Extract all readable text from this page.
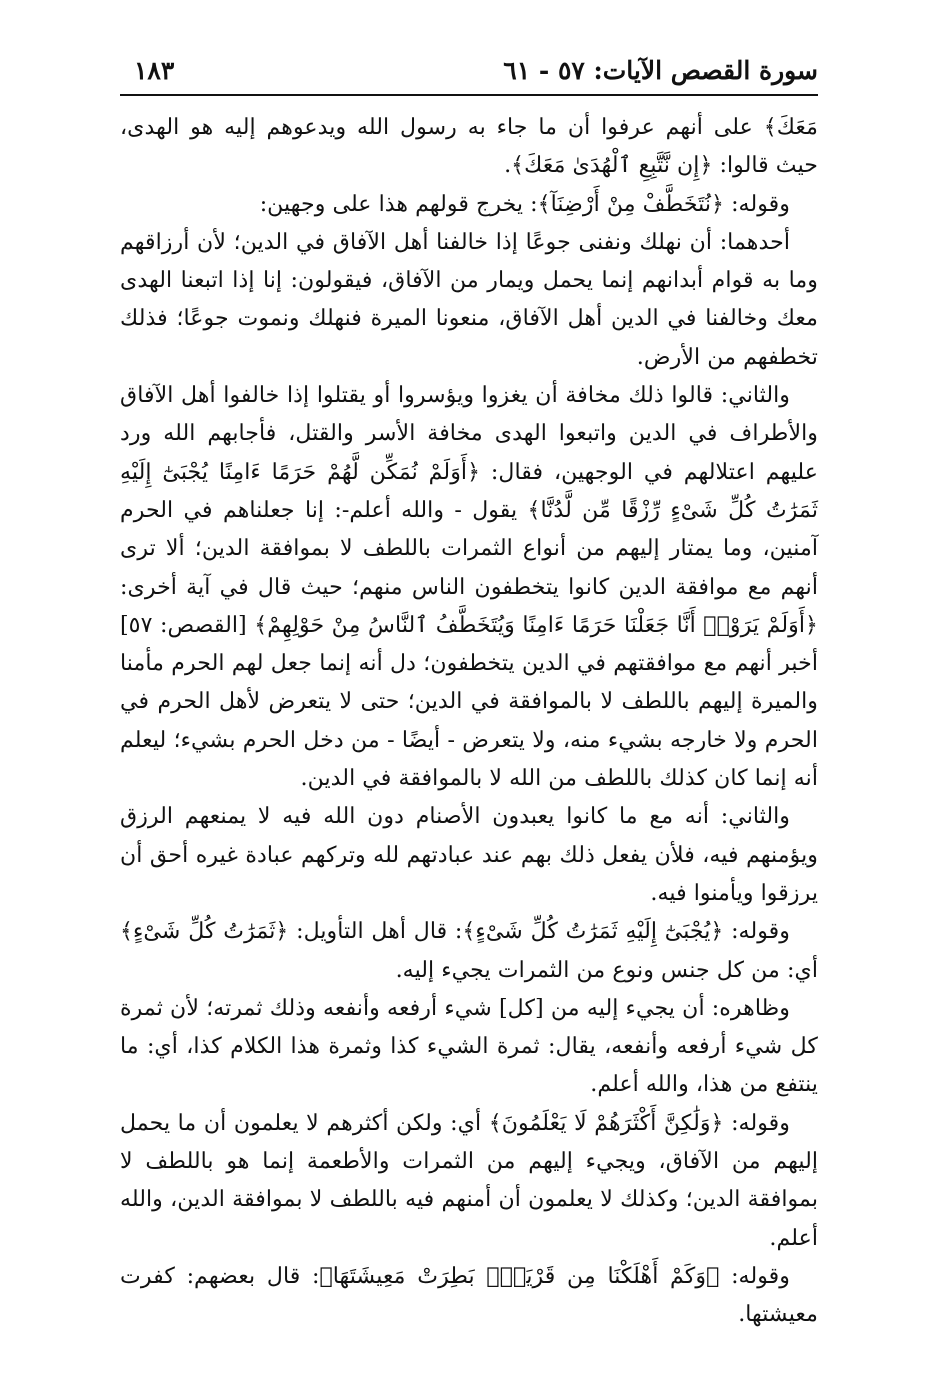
سورة القصص الآيات: ٥٧ - ٦١
١٨٣

مَعَكَ﴾ على أنهم عرفوا أن ما جاء به رسول الله ويدعوهم إليه هو الهدى، حيث قالوا: ﴿إِن نَّتَّبِعِ ٱلْهُدَىٰ مَعَكَ﴾.

وقوله: ﴿نُتَخَطَّفْ مِنْ أَرْضِنَآ﴾: يخرج قولهم هذا على وجهين:

أحدهما: أن نهلك ونفنى جوعًا إذا خالفنا أهل الآفاق في الدين؛ لأن أرزاقهم وما به قوام أبدانهم إنما يحمل ويمار من الآفاق، فيقولون: إنا إذا اتبعنا الهدى معك وخالفنا في الدين أهل الآفاق، منعونا الميرة فنهلك ونموت جوعًا؛ فذلك تخطفهم من الأرض.

والثاني: قالوا ذلك مخافة أن يغزوا ويؤسروا أو يقتلوا إذا خالفوا أهل الآفاق والأطراف في الدين واتبعوا الهدى مخافة الأسر والقتل، فأجابهم الله ورد عليهم اعتلالهم في الوجهين، فقال: ﴿أَوَلَمْ نُمَكِّن لَّهُمْ حَرَمًا ءَامِنًا يُجْبَىٰٓ إِلَيْهِ ثَمَرَٰتُ كُلِّ شَىْءٍ رِّزْقًا مِّن لَّدُنَّا﴾ يقول - والله أعلم-: إنا جعلناهم في الحرم آمنين، وما يمتار إليهم من أنواع الثمرات باللطف لا بموافقة الدين؛ ألا ترى أنهم مع موافقة الدين كانوا يتخطفون الناس منهم؛ حيث قال في آية أخرى: ﴿أَوَلَمْ يَرَوْا۟ أَنَّا جَعَلْنَا حَرَمًا ءَامِنًا وَيُتَخَطَّفُ ٱلنَّاسُ مِنْ حَوْلِهِمْ﴾ [القصص: ٥٧] أخبر أنهم مع موافقتهم في الدين يتخطفون؛ دل أنه إنما جعل لهم الحرم مأمنا والميرة إليهم باللطف لا بالموافقة في الدين؛ حتى لا يتعرض لأهل الحرم في الحرم ولا خارجه بشيء منه، ولا يتعرض - أيضًا - من دخل الحرم بشيء؛ ليعلم أنه إنما كان كذلك باللطف من الله لا بالموافقة في الدين.

والثاني: أنه مع ما كانوا يعبدون الأصنام دون الله فيه لا يمنعهم الرزق ويؤمنهم فيه، فلأن يفعل ذلك بهم عند عبادتهم لله وتركهم عبادة غيره أحق أن يرزقوا ويأمنوا فيه.

وقوله: ﴿يُجْبَىٰٓ إِلَيْهِ ثَمَرَٰتُ كُلِّ شَىْءٍ﴾: قال أهل التأويل: ﴿ثَمَرَٰتُ كُلِّ شَىْءٍ﴾ أي: من كل جنس ونوع من الثمرات يجيء إليه.

وظاهره: أن يجيء إليه من [كل] شيء أرفعه وأنفعه وذلك ثمرته؛ لأن ثمرة كل شيء أرفعه وأنفعه، يقال: ثمرة الشيء كذا وثمرة هذا الكلام كذا، أي: ما ينتفع من هذا، والله أعلم.

وقوله: ﴿وَلَٰكِنَّ أَكْثَرَهُمْ لَا يَعْلَمُونَ﴾ أي: ولكن أكثرهم لا يعلمون أن ما يحمل إليهم من الآفاق، ويجيء إليهم من الثمرات والأطعمة إنما هو باللطف لا بموافقة الدين؛ وكذلك لا يعلمون أن أمنهم فيه باللطف لا بموافقة الدين، والله أعلم.

وقوله: ﴿وَكَمْ أَهْلَكْنَا مِن قَرْيَةٍۭ بَطِرَتْ مَعِيشَتَهَا﴾: قال بعضهم: كفرت معيشتها.
